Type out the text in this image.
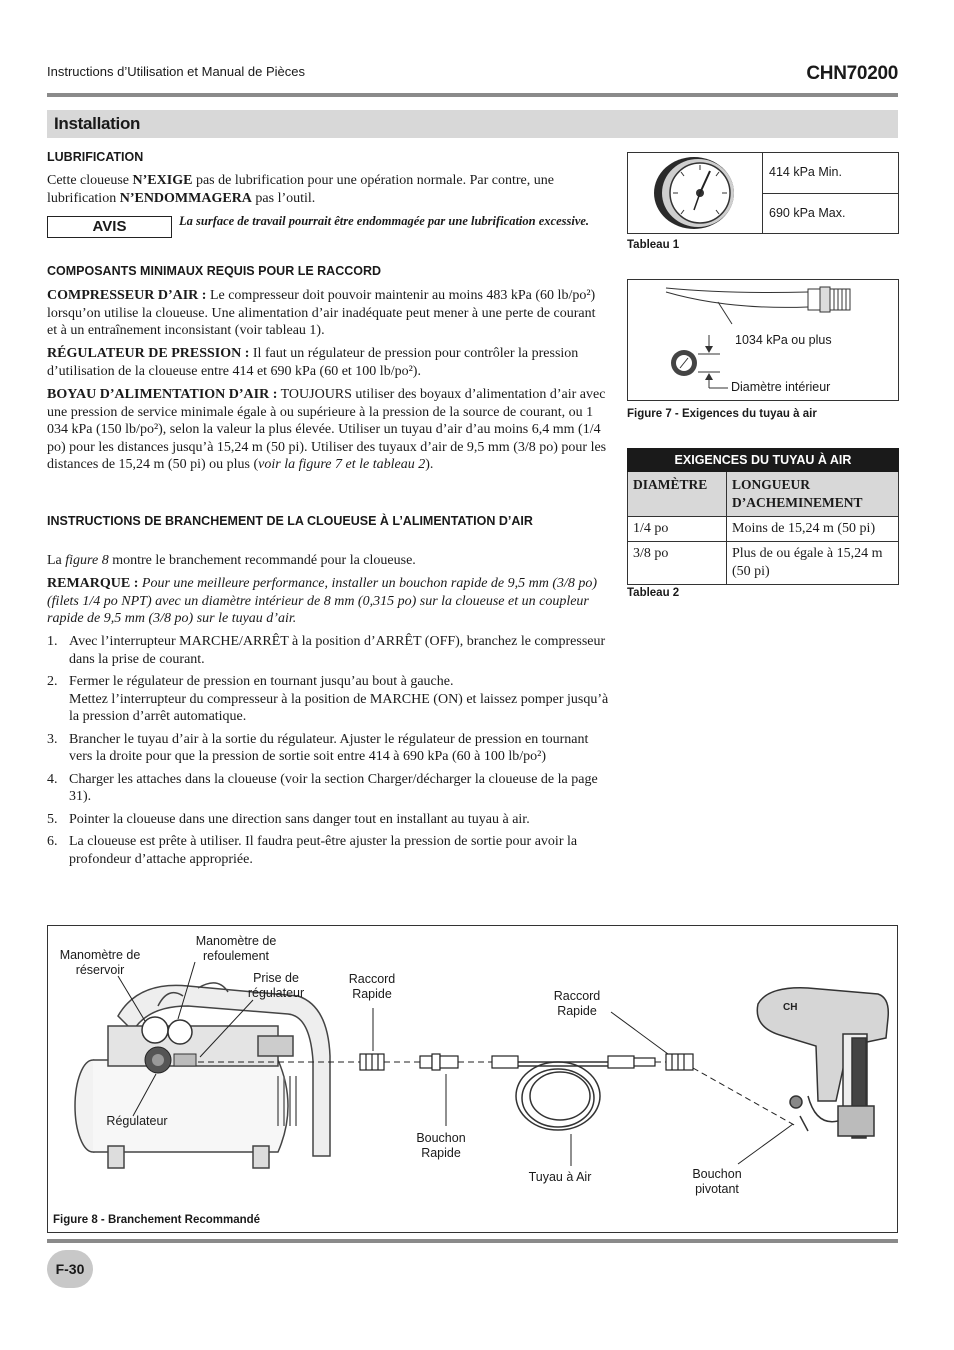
Instructions d’Utilisation et Manual de Pièces	CHN70200
Installation
LUBRIFICATION
Cette cloueuse N’EXIGE pas de lubrification pour une opération normale. Par contre, une lubrification N’ENDOMMAGERA pas l’outil.
AVIS	La surface de travail pourrait être endommagée par une lubrification excessive.
COMPOSANTS MINIMAUX REQUIS POUR LE RACCORD
COMPRESSEUR D’AIR : Le compresseur doit pouvoir maintenir au moins 483 kPa (60 lb/po²) lorsqu’on utilise la cloueuse. Une alimentation d’air inadéquate peut mener à une perte de courant et à un entraînement inconsistant (voir tableau 1).
RÉGULATEUR DE PRESSION : Il faut un régulateur de pression pour contrôler la pression d’utilisation de la cloueuse entre 414 et 690 kPa (60 et 100 lb/po²).
BOYAU D’ALIMENTATION D’AIR : TOUJOURS utiliser des boyaux d’alimentation d’air avec une pression de service minimale égale à ou supérieure à la pression de la source de courant, ou 1 034 kPa (150 lb/po²), selon la valeur la plus élevée. Utiliser un tuyau d’air d’au moins 6,4 mm (1/4 po) pour les distances jusqu’à 15,24 m (50 pi). Utiliser des tuyaux d’air de 9,5 mm (3/8 po) pour les distances de 15,24 m (50 pi) ou plus (voir la figure 7 et le tableau 2).
INSTRUCTIONS DE BRANCHEMENT DE LA CLOUEUSE À L’ALIMENTATION D’AIR
La figure 8 montre le branchement recommandé pour la cloueuse.
REMARQUE : Pour une meilleure performance, installer un bouchon rapide de 9,5 mm (3/8 po) (filets 1/4 po NPT) avec un diamètre intérieur de 8 mm (0,315 po) sur la cloueuse et un coupleur rapide de 9,5 mm (3/8 po) sur le tuyau d’air.
1. Avec l’interrupteur MARCHE/ARRÊT à la position d’ARRÊT (OFF), branchez le compresseur dans la prise de courant.
2. Fermer le régulateur de pression en tournant jusqu’au bout à gauche.
Mettez l’interrupteur du compresseur à la position de MARCHE (ON) et laissez pomper jusqu’à la pression d’arrêt automatique.
3. Brancher le tuyau d’air à la sortie du régulateur. Ajuster le régulateur de pression en tournant vers la droite pour que la pression de sortie soit entre 414 à 690 kPa (60 à 100 lb/po²)
4. Charger les attaches dans la cloueuse (voir la section Charger/décharger la cloueuse de la page 31).
5. Pointer la cloueuse dans une direction sans danger tout en installant au tuyau à air.
6. La cloueuse est prête à utiliser. Il faudra peut-être ajuster la pression de sortie pour avoir la profondeur d’attache appropriée.
414 kPa Min.
690 kPa Max.
Tableau 1
1034 kPa ou plus
Diamètre intérieur
Figure 7 - Exigences du tuyau à air
EXIGENCES DU TUYAU À AIR	
DIAMÈTRE	LONGUEUR D’ACHEMINEMENT
1/4 po	Moins de 15,24 m (50 pi)
3/8 po	Plus de ou égale à 15,24 m (50 pi)
Tableau 2
CH
Manomètre de réservoir
Manomètre de refoulement
Prise de régulateur
Raccord Rapide	Raccord Rapide
Régulateur
Bouchon Rapide
Tuyau à Air	Bouchon pivotant
Figure 8 - Branchement Recommandé
F-30
